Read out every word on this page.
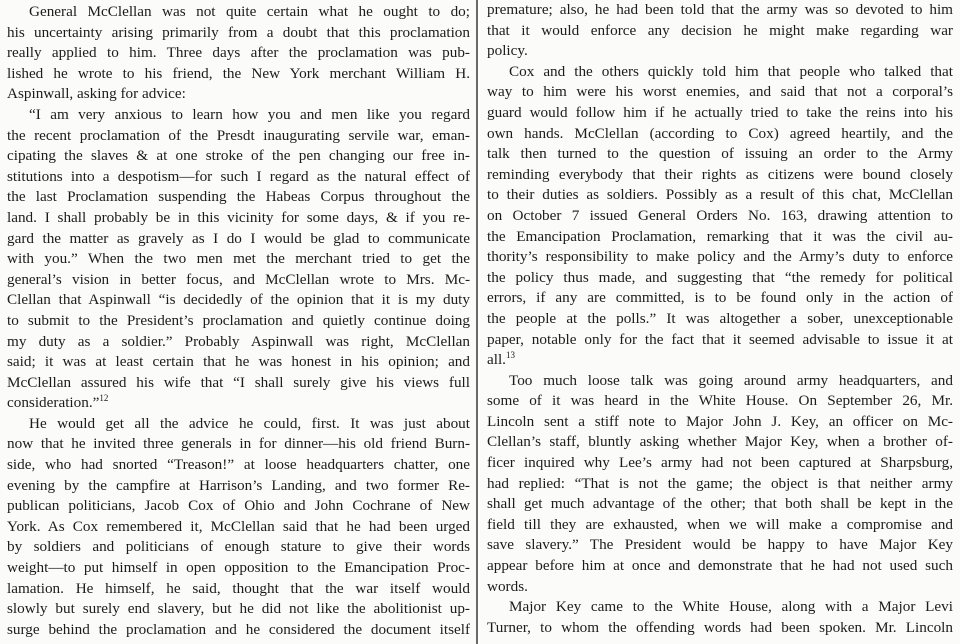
General McClellan was not quite certain what he ought to do;
his uncertainty arising primarily from a doubt that this proclamation
really applied to him. Three days after the proclamation was pub-
lished he wrote to his friend, the New York merchant William H.
Aspinwall, asking for advice:
“I am very anxious to learn how you and men like you regard
the recent proclamation of the Presdt inaugurating servile war, eman-
cipating the slaves & at one stroke of the pen changing our free in-
stitutions into a despotism—for such I regard as the natural effect of
the last Proclamation suspending the Habeas Corpus throughout the
land. I shall probably be in this vicinity for some days, & if you re-
gard the matter as gravely as I do I would be glad to communicate
with you.” When the two men met the merchant tried to get the
general’s vision in better focus, and McClellan wrote to Mrs. Mc-
Clellan that Aspinwall “is decidedly of the opinion that it is my duty
to submit to the President’s proclamation and quietly continue doing
my duty as a soldier.” Probably Aspinwall was right, McClellan
said; it was at least certain that he was honest in his opinion; and
McClellan assured his wife that “I shall surely give his views full
consideration.”$^{12}$
He would get all the advice he could, first. It was just about
now that he invited three generals in for dinner—his old friend Burn-
side, who had snorted “Treason!” at loose headquarters chatter, one
evening by the campfire at Harrison’s Landing, and two former Re-
publican politicians, Jacob Cox of Ohio and John Cochrane of New
York. As Cox remembered it, McClellan said that he had been urged
by soldiers and politicians of enough stature to give their words
weight—to put himself in open opposition to the Emancipation Proc-
lamation. He himself, he said, thought that the war itself would
slowly but surely end slavery, but he did not like the abolitionist up-
surge behind the proclamation and he considered the document itself
premature; also, he had been told that the army was so devoted to him
that it would enforce any decision he might make regarding war
policy.
Cox and the others quickly told him that people who talked that
way to him were his worst enemies, and said that not a corporal’s
guard would follow him if he actually tried to take the reins into his
own hands. McClellan (according to Cox) agreed heartily, and the
talk then turned to the question of issuing an order to the Army
reminding everybody that their rights as citizens were bound closely
to their duties as soldiers. Possibly as a result of this chat, McClellan
on October 7 issued General Orders No. 163, drawing attention to
the Emancipation Proclamation, remarking that it was the civil au-
thority’s responsibility to make policy and the Army’s duty to enforce
the policy thus made, and suggesting that “the remedy for political
errors, if any are committed, is to be found only in the action of
the people at the polls.” It was altogether a sober, unexceptionable
paper, notable only for the fact that it seemed advisable to issue it at
all.$^{13}$
Too much loose talk was going around army headquarters, and
some of it was heard in the White House. On September 26, Mr.
Lincoln sent a stiff note to Major John J. Key, an officer on Mc-
Clellan’s staff, bluntly asking whether Major Key, when a brother of-
ficer inquired why Lee’s army had not been captured at Sharpsburg,
had replied: “That is not the game; the object is that neither army
shall get much advantage of the other; that both shall be kept in the
field till they are exhausted, when we will make a compromise and
save slavery.” The President would be happy to have Major Key
appear before him at once and demonstrate that he had not used such
words.
Major Key came to the White House, along with a Major Levi
Turner, to whom the offending words had been spoken. Mr. Lincoln
